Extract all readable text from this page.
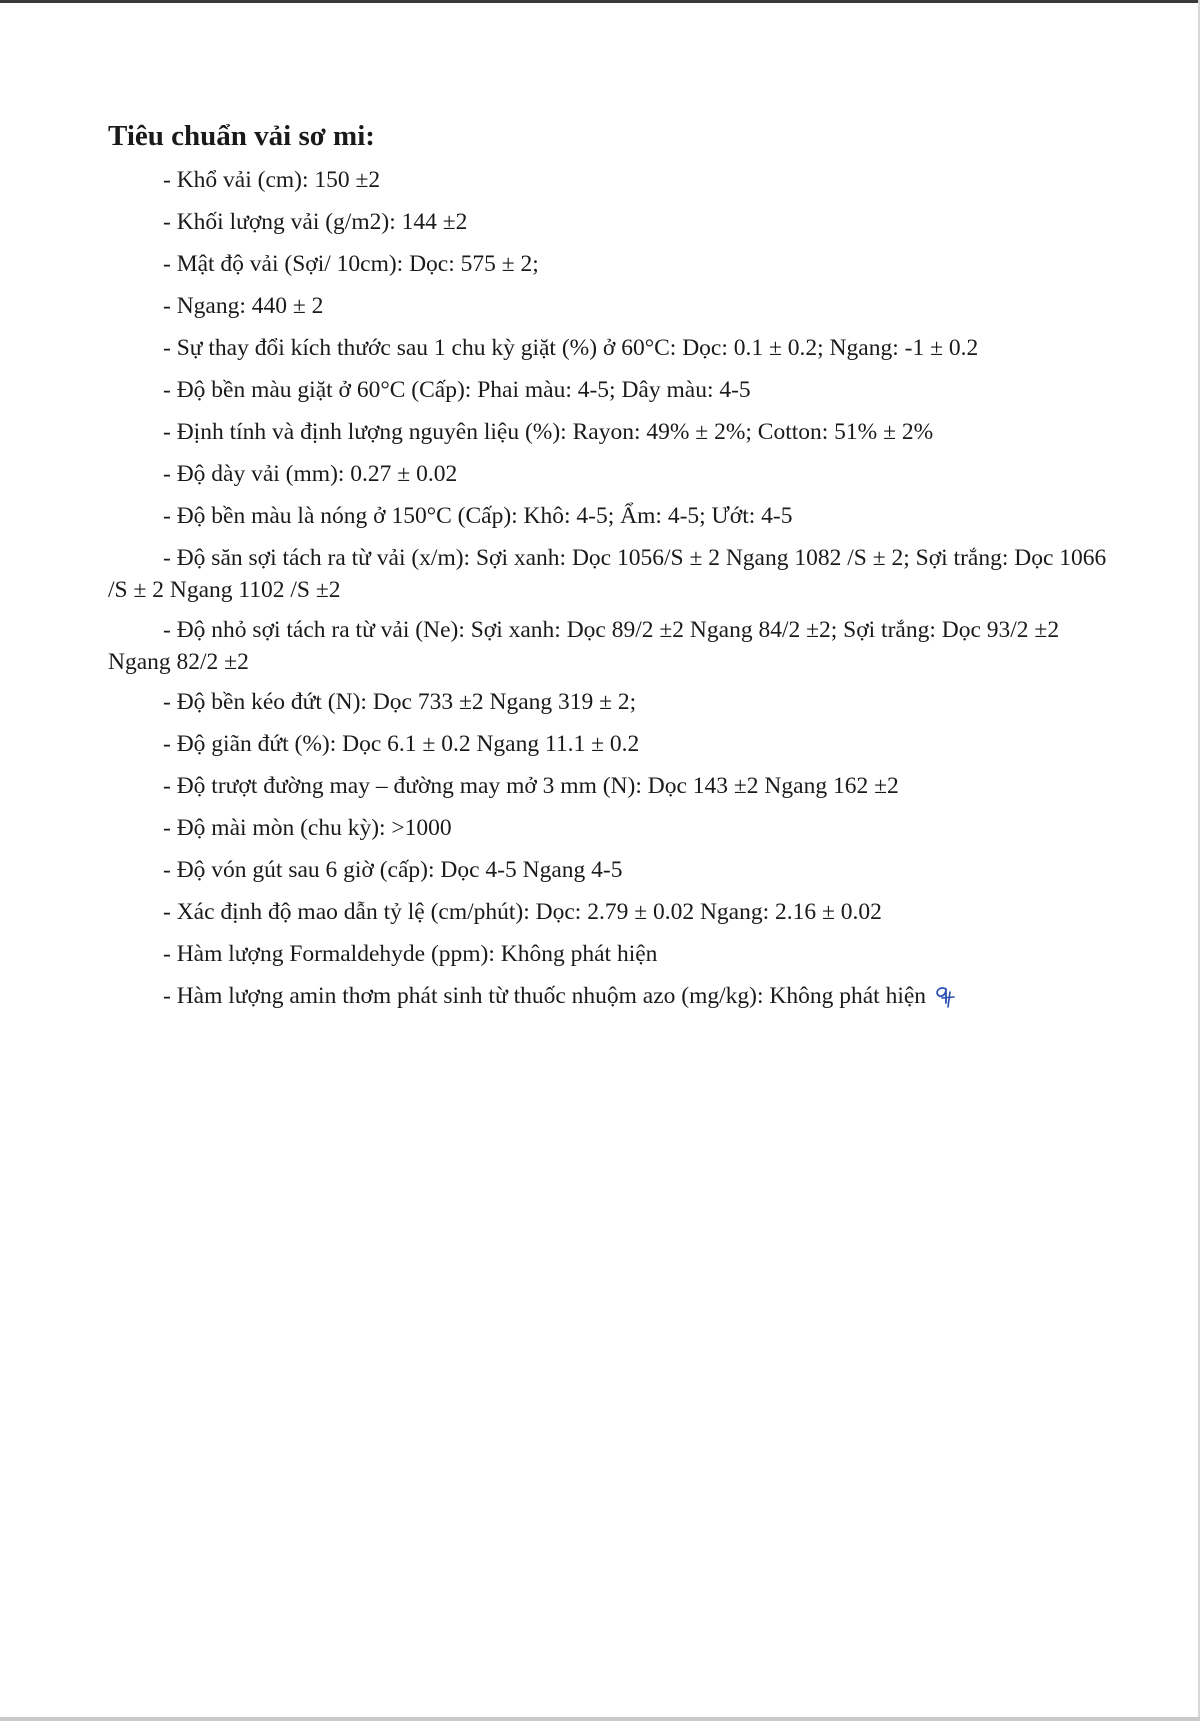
Tiêu chuẩn vải sơ mi:
- Khổ vải (cm): 150 ±2
- Khối lượng vải (g/m2): 144 ±2
- Mật độ vải (Sợi/ 10cm): Dọc: 575 ± 2;
- Ngang: 440 ± 2
- Sự thay đổi kích thước sau 1 chu kỳ giặt (%) ở 60°C: Dọc: 0.1 ± 0.2; Ngang: -1 ± 0.2
- Độ bền màu giặt ở 60°C (Cấp): Phai màu: 4-5; Dây màu: 4-5
- Định tính và định lượng nguyên liệu (%): Rayon: 49% ± 2%; Cotton: 51% ± 2%
- Độ dày vải (mm): 0.27 ± 0.02
- Độ bền màu là nóng ở 150°C (Cấp): Khô: 4-5; Ẩm: 4-5; Ướt: 4-5
- Độ săn sợi tách ra từ vải (x/m): Sợi xanh: Dọc 1056/S ± 2 Ngang 1082 /S ± 2; Sợi trắng: Dọc 1066 /S ± 2 Ngang 1102 /S ±2
- Độ nhỏ sợi tách ra từ vải (Ne): Sợi xanh: Dọc 89/2 ±2 Ngang 84/2 ±2; Sợi trắng: Dọc 93/2 ±2 Ngang 82/2 ±2
- Độ bền kéo đứt (N): Dọc 733 ±2 Ngang 319 ± 2;
- Độ giãn đứt (%): Dọc 6.1 ± 0.2 Ngang 11.1 ± 0.2
- Độ trượt đường may – đường may mở 3 mm (N): Dọc 143 ±2 Ngang 162 ±2
- Độ mài mòn (chu kỳ): >1000
- Độ vón gút sau 6 giờ (cấp): Dọc 4-5 Ngang 4-5
- Xác định độ mao dẫn tỷ lệ (cm/phút): Dọc: 2.79 ± 0.02 Ngang: 2.16 ± 0.02
- Hàm lượng Formaldehyde (ppm): Không phát hiện
- Hàm lượng amin thơm phát sinh từ thuốc nhuộm azo (mg/kg): Không phát hiện
